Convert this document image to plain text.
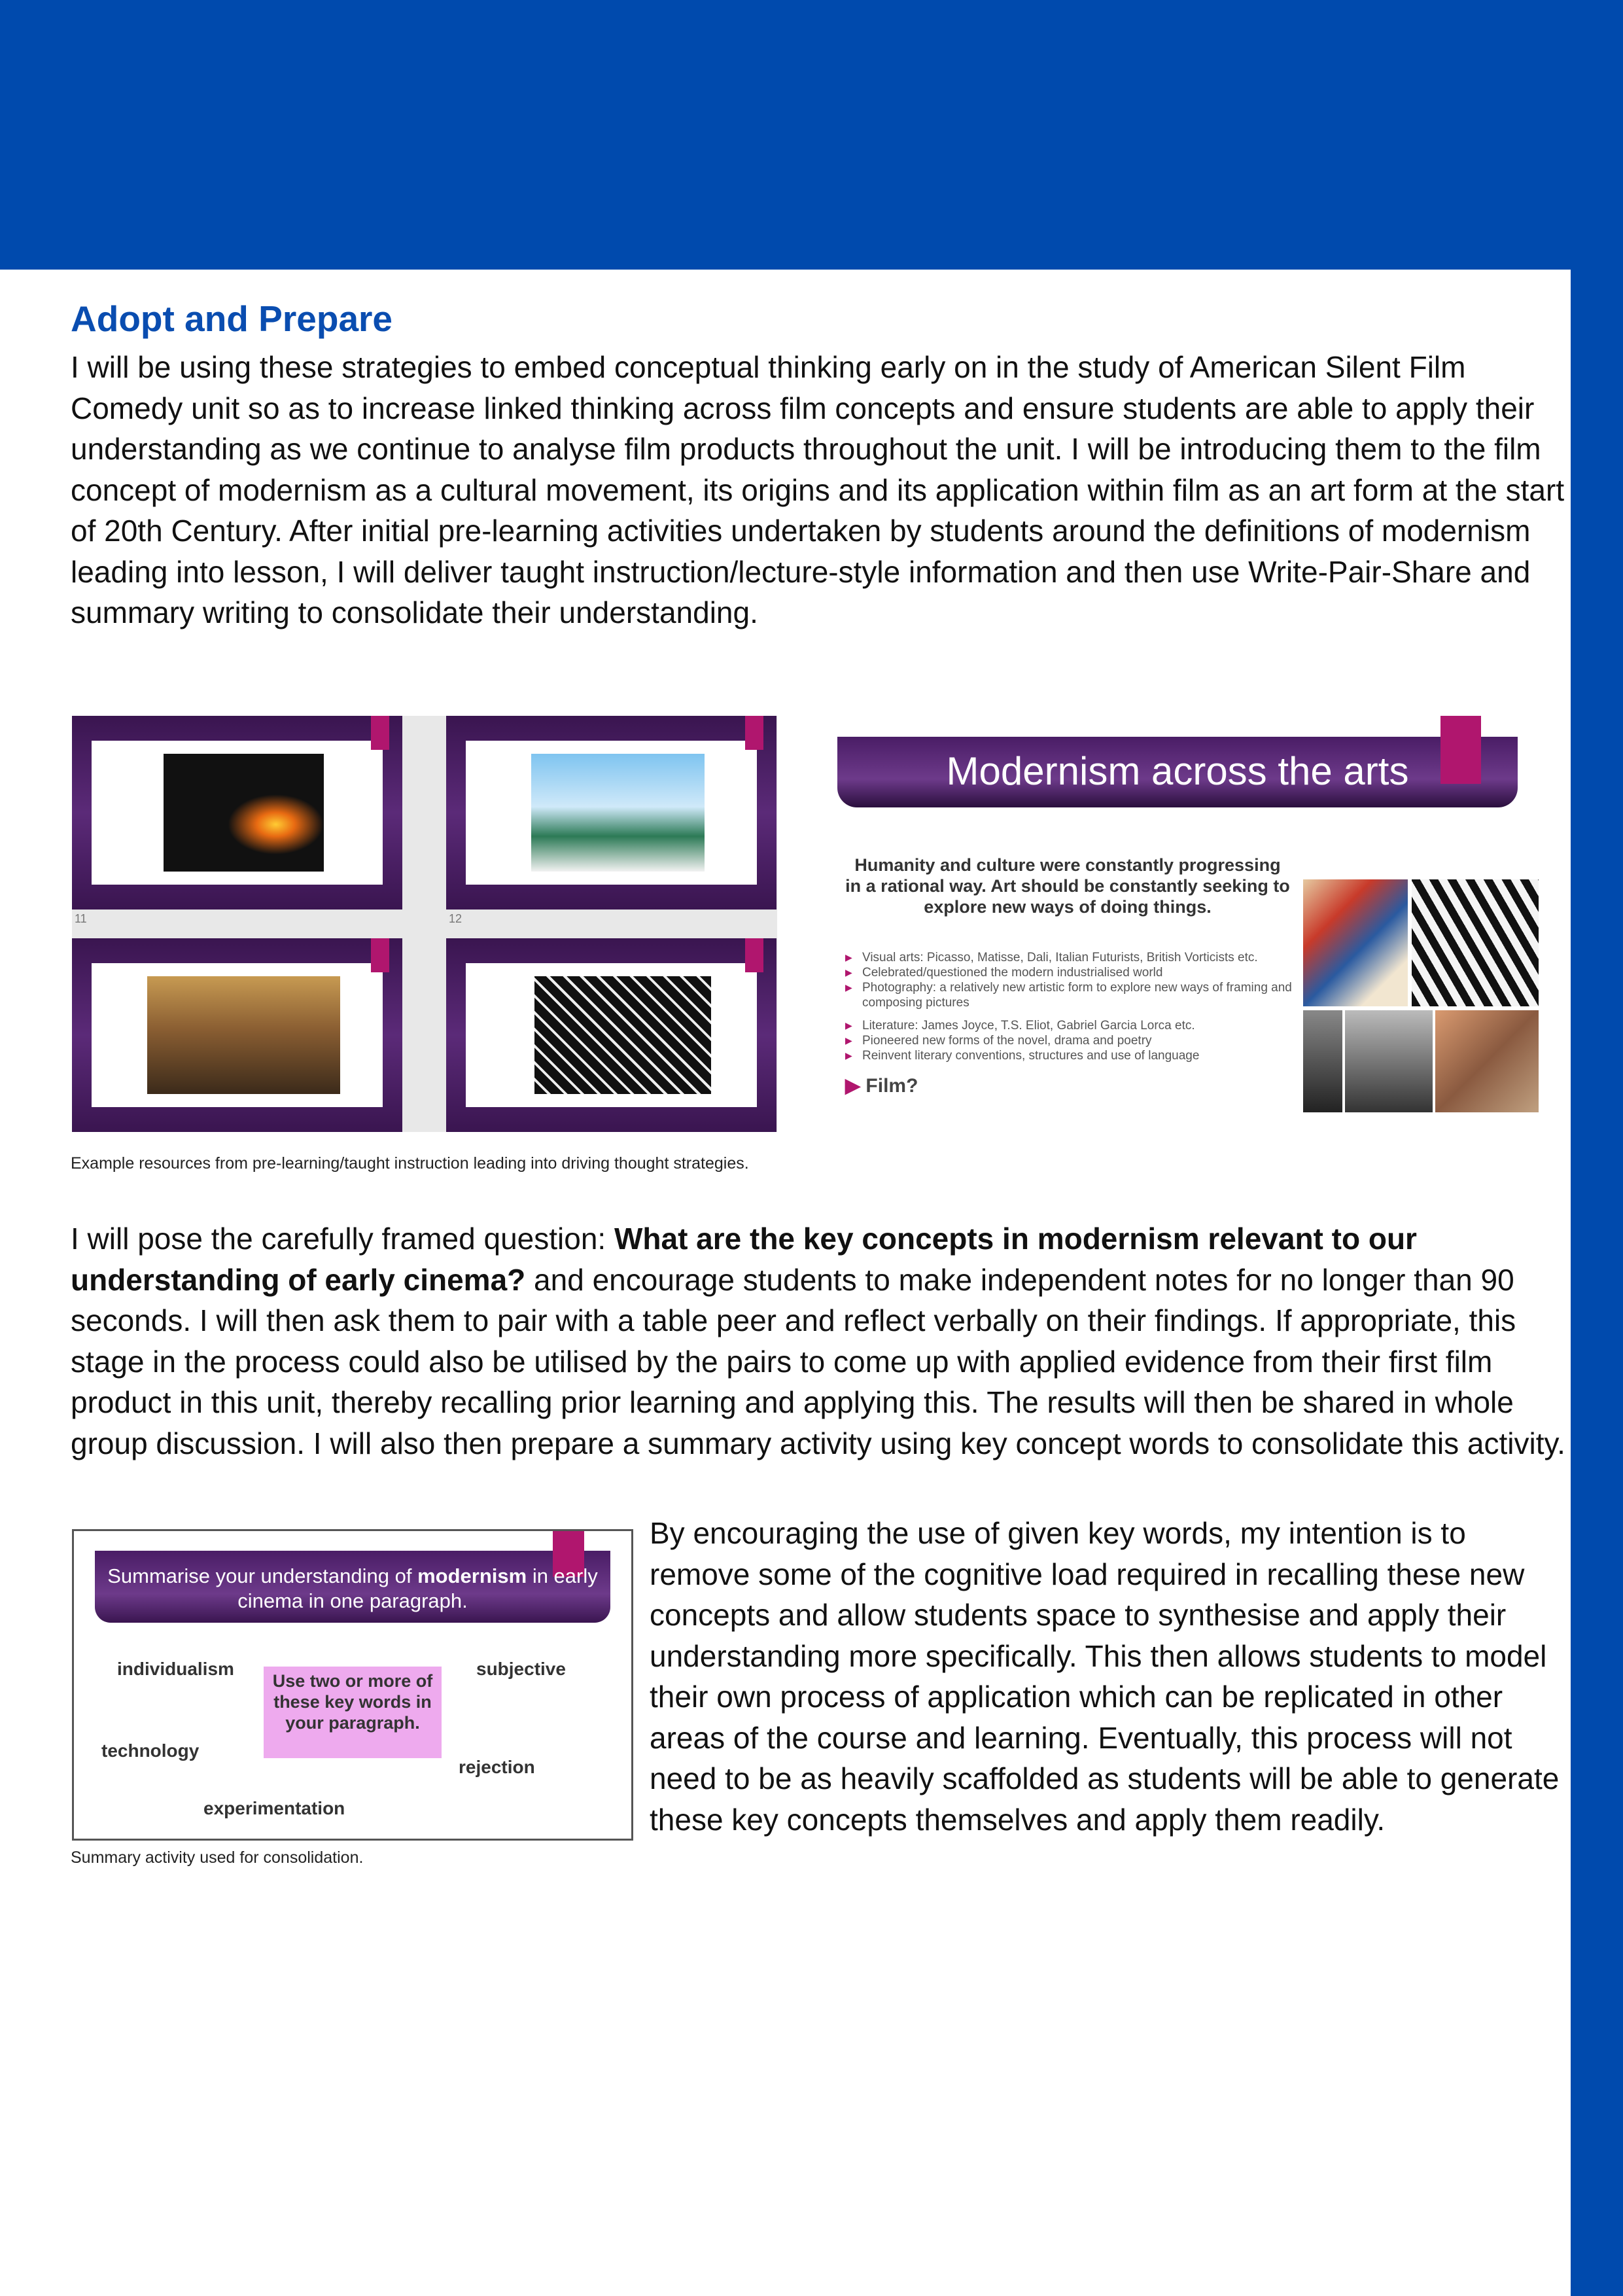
Adopt and Prepare

I will be using these strategies to embed conceptual thinking early on in the study of American Silent Film Comedy unit so as to increase linked thinking across film concepts and ensure students are able to apply their understanding as we continue to analyse film products throughout the unit. I will be introducing them to the film concept of modernism as a cultural movement, its origins and its application within film as an art form at the start of 20th Century. After initial pre-learning activities undertaken by students around the definitions of modernism leading into lesson, I will deliver taught instruction/lecture-style information and then use Write-Pair-Share and summary writing to consolidate their understanding.

11	12
Modernism across the arts

Humanity and culture were constantly progressing in a rational way. Art should be constantly seeking to explore new ways of doing things.

▶ Visual arts: Picasso, Matisse, Dali, Italian Futurists, British Vorticists etc.
▶ Celebrated/questioned the modern industrialised world
▶ Photography: a relatively new artistic form to explore new ways of framing and composing pictures
▶ Literature: James Joyce, T.S. Eliot, Gabriel Garcia Lorca etc.
▶ Pioneered new forms of the novel, drama and poetry
▶ Reinvent literary conventions, structures and use of language
▶ Film?

Example resources from pre-learning/taught instruction leading into driving thought strategies.

I will pose the carefully framed question: What are the key concepts in modernism relevant to our understanding of early cinema? and encourage students to make independent notes for no longer than 90 seconds. I will then ask them to pair with a table peer and reflect verbally on their findings. If appropriate, this stage in the process could also be utilised by the pairs to come up with applied evidence from their first film product in this unit, thereby recalling prior learning and applying this. The results will then be shared in whole group discussion. I will also then prepare a summary activity using key concept words to consolidate this activity.

Summarise your understanding of modernism in early cinema in one paragraph.
individualism	subjective
technology
rejection
experimentation
Use two or more of these key words in your paragraph.

Summary activity used for consolidation.

By encouraging the use of given key words, my intention is to remove some of the cognitive load required in recalling these new concepts and allow students space to synthesise and apply their understanding more specifically. This then allows students to model their own process of application which can be replicated in other areas of the course and learning. Eventually, this process will not need to be as heavily scaffolded as students will be able to generate these key concepts themselves and apply them readily.
